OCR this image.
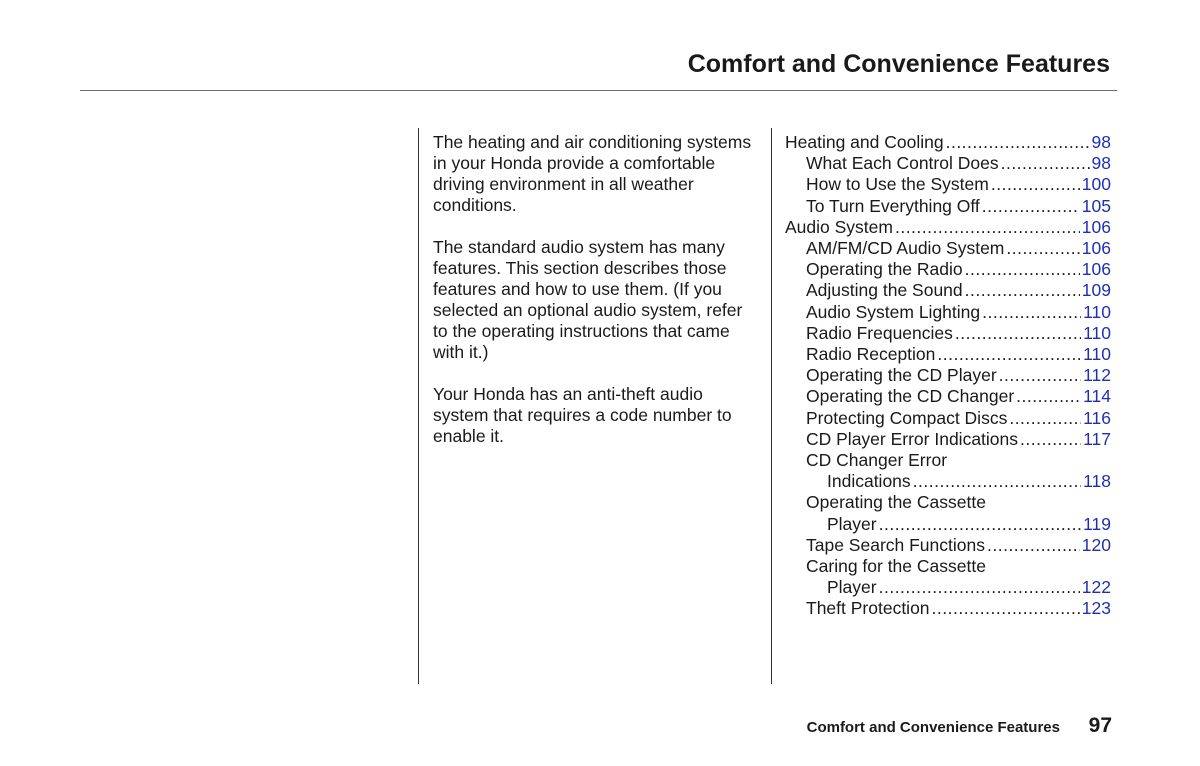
Comfort and Convenience Features

The heating and air conditioning systems in your Honda provide a comfortable driving environment in all weather conditions.

The standard audio system has many features. This section describes those features and how to use them. (If you selected an optional audio system, refer to the operating instructions that came with it.)

Your Honda has an anti-theft audio system that requires a code number to enable it.

Heating and Cooling .....	98
What Each Control Does .....	98
How to Use the System .....	100
To Turn Everything Off .....	105
Audio System .....	106
AM/FM/CD Audio System .....	106
Operating the Radio .....	106
Adjusting the Sound .....	109
Audio System Lighting .....	110
Radio Frequencies .....	110
Radio Reception .....	110
Operating the CD Player .....	112
Operating the CD Changer .....	114
Protecting Compact Discs .....	116
CD Player Error Indications .....	117
CD Changer Error
Indications .....	118
Operating the Cassette
Player .....	119
Tape Search Functions .....	120
Caring for the Cassette
Player .....	122
Theft Protection .....	123
Comfort and Convenience Features 97
